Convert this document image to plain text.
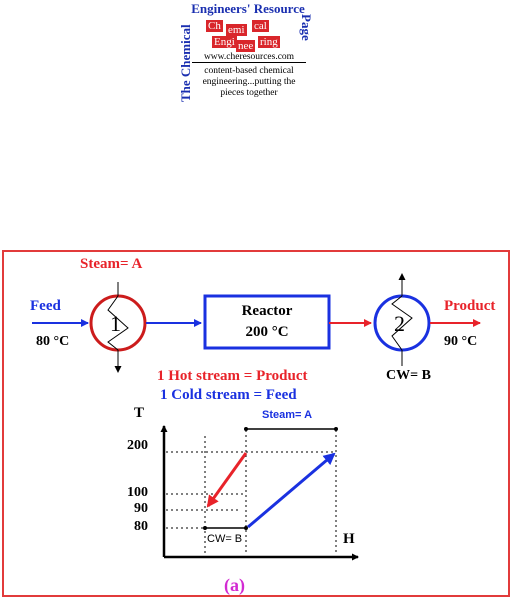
Engineers' Resource
The Chemical	Page
Ch emi cal
Engi nee ring
www.cheresources.com
content-based chemical engineering...putting the pieces together
Steam= A
Feed
80 °C
1	Reactor
200 °C	2
Product
90 °C
CW= B
1 Hot stream = Product
1 Cold stream = Feed
T
H
200
100
90
80
Steam= A
CW= B
(a)
